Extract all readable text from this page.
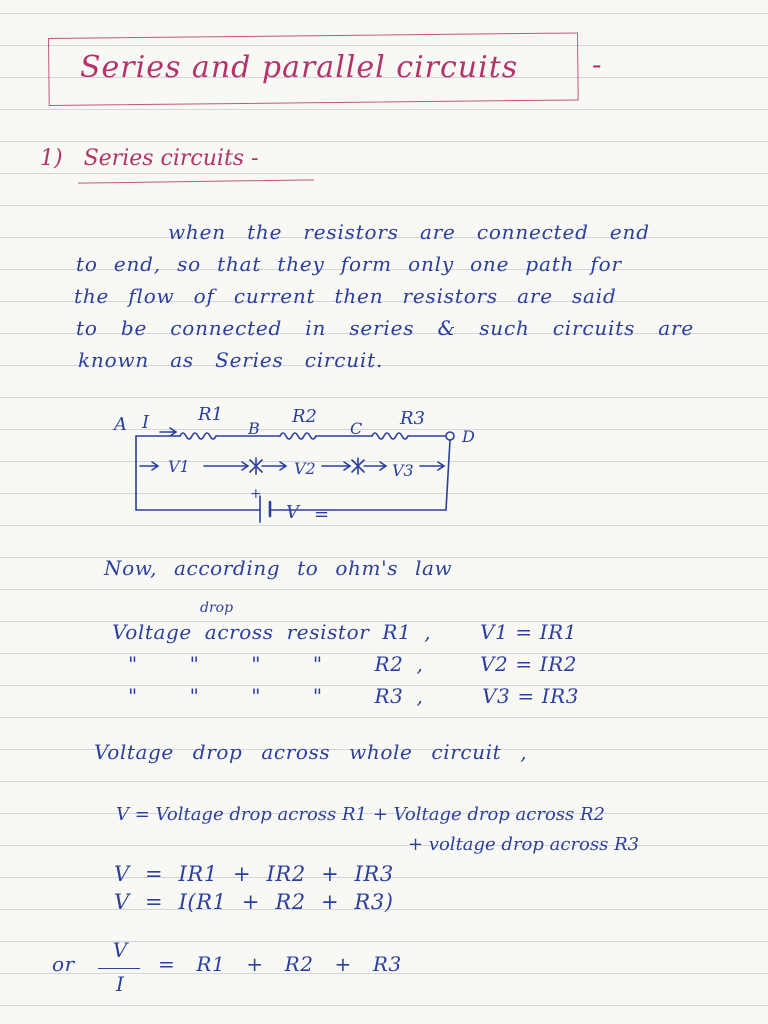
Series and parallel circuits	-
1) Series circuits -
when the resistors are connected end
to end, so that they form only one path for
the flow of current then resistors are said
to be connected in series & such circuits are
known as Series circuit.
A I	R1
B
R2
C R3
D
V1	V2	V3
+
V =
Now, according to ohm's law
drop
Voltage across resistor R1 , V1 = IR1
"    "    "    "    R2 ,	V2 = IR2
"    "    "    "    R3 ,	V3 = IR3
Voltage drop across whole circuit ,
V = Voltage drop across R1 + Voltage drop across R2
+ voltage drop across R3
V = IR1 + IR2 + IR3
V = I(R1 + R2 + R3)
or
V
I
= R1 + R2 + R3
